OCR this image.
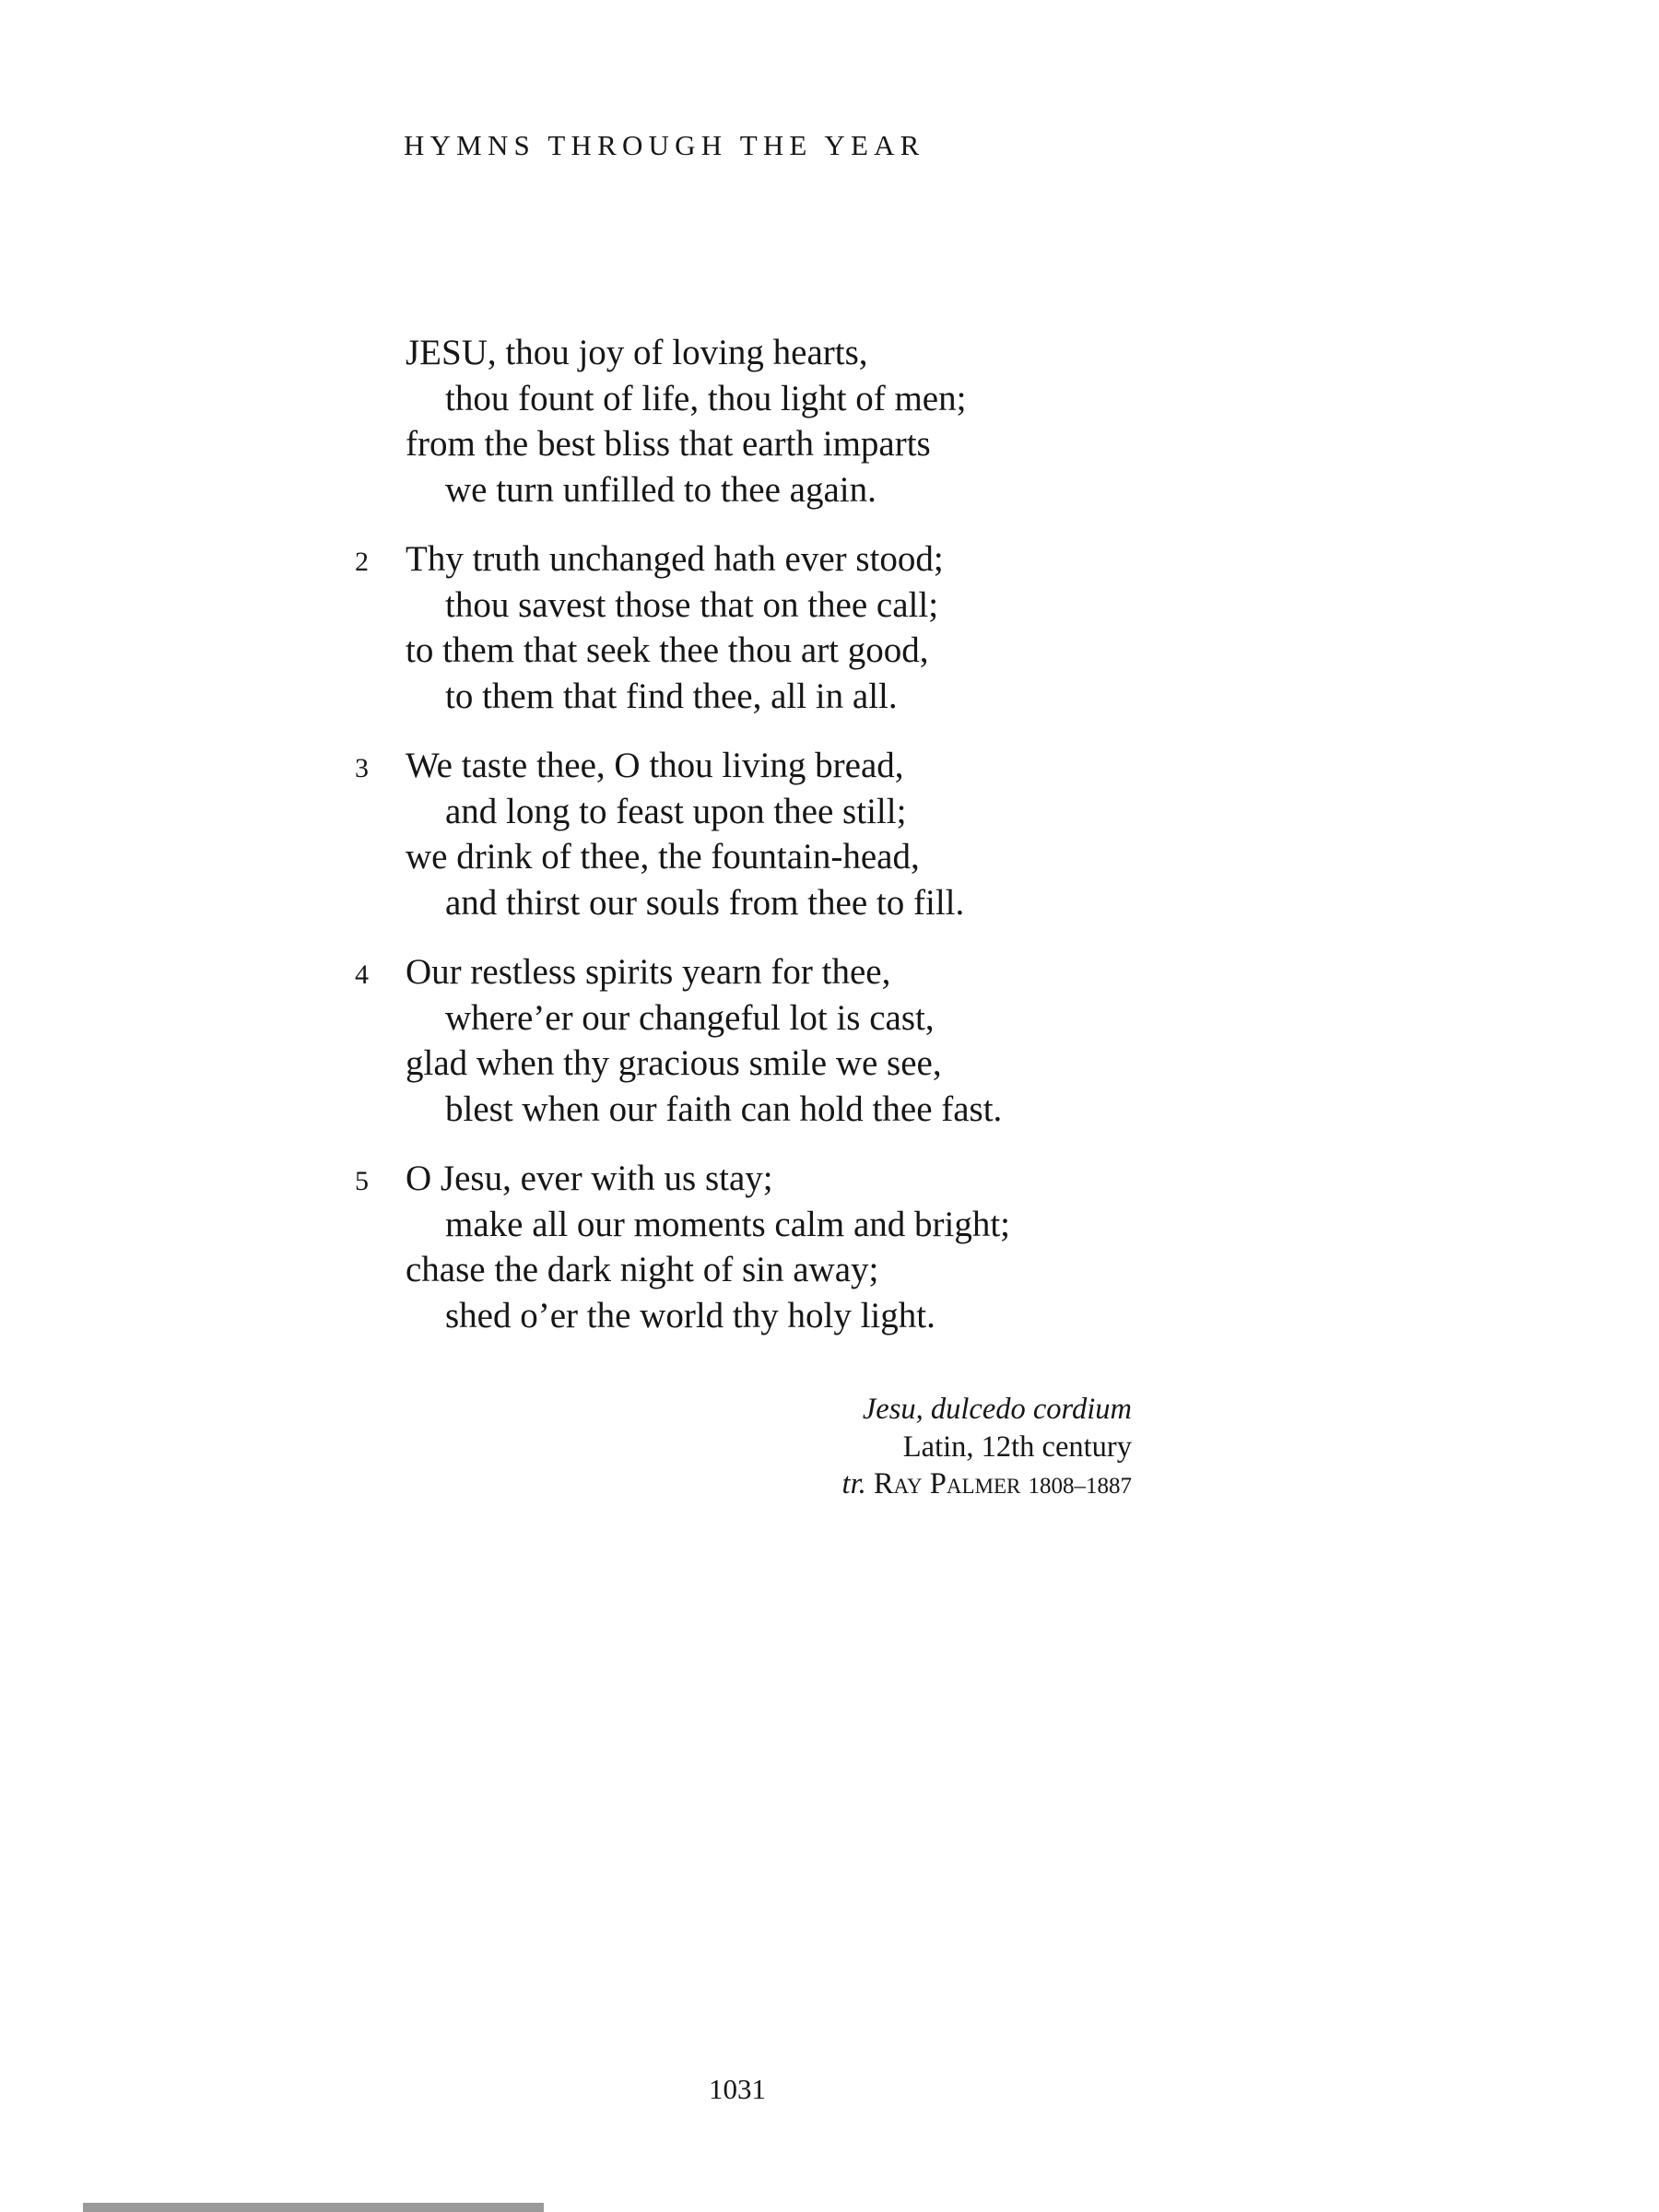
HYMNS THROUGH THE YEAR
JESU, thou joy of loving hearts,
thou fount of life, thou light of men;
from the best bliss that earth imparts
we turn unfilled to thee again.
2 Thy truth unchanged hath ever stood;
thou savest those that on thee call;
to them that seek thee thou art good,
to them that find thee, all in all.
3 We taste thee, O thou living bread,
and long to feast upon thee still;
we drink of thee, the fountain-head,
and thirst our souls from thee to fill.
4 Our restless spirits yearn for thee,
where’er our changeful lot is cast,
glad when thy gracious smile we see,
blest when our faith can hold thee fast.
5 O Jesu, ever with us stay;
make all our moments calm and bright;
chase the dark night of sin away;
shed o’er the world thy holy light.
Jesu, dulcedo cordium
Latin, 12th century
tr. Ray Palmer 1808–1887
1031
